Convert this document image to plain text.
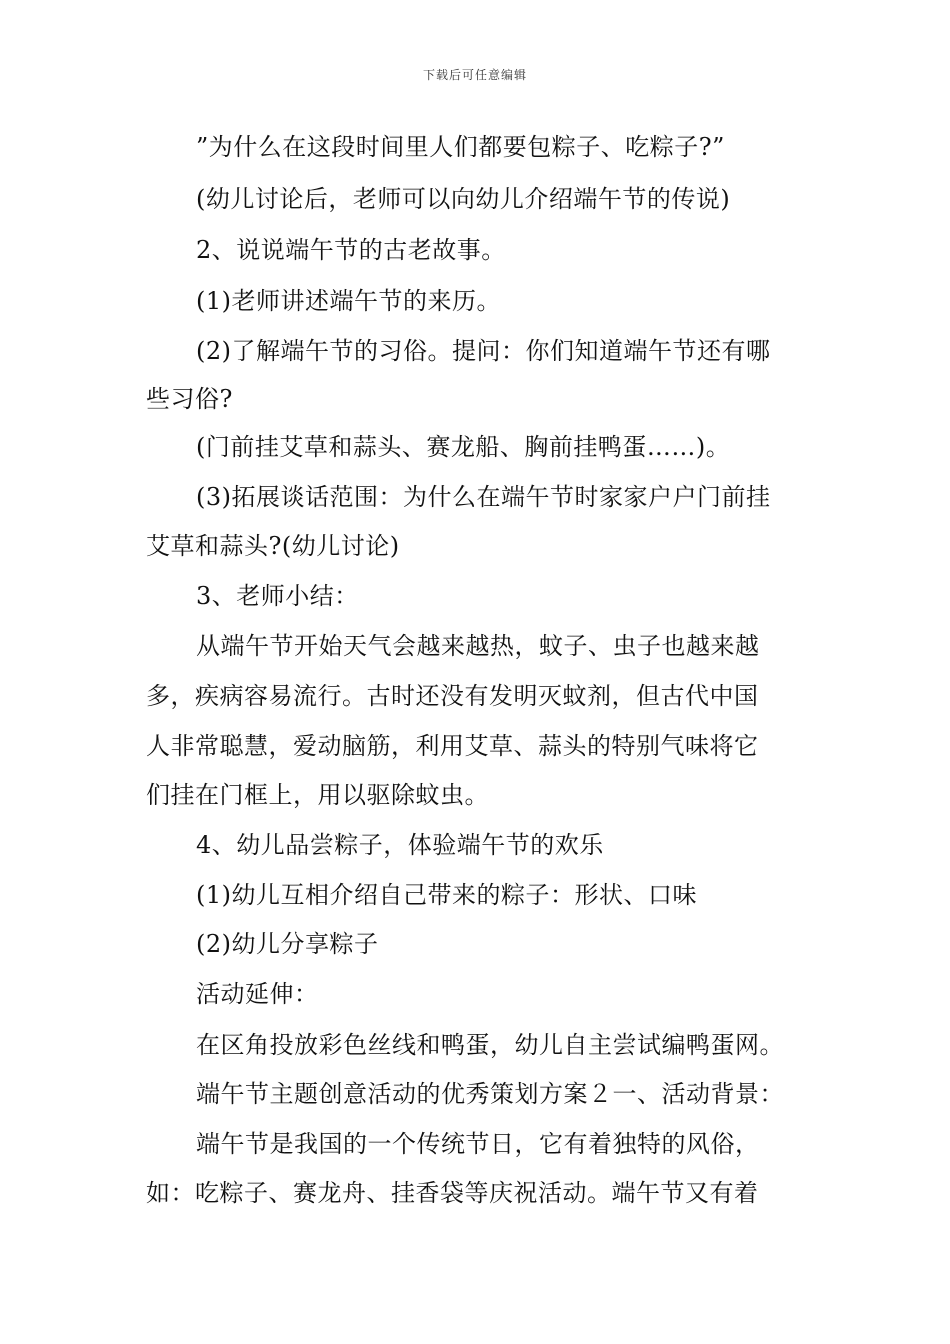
下载后可任意编辑
”为什么在这段时间里人们都要包粽子、吃粽子?”
(幼儿讨论后，老师可以向幼儿介绍端午节的传说)
2、说说端午节的古老故事。
(1)老师讲述端午节的来历。
(2)了解端午节的习俗。提问：你们知道端午节还有哪
些习俗?
(门前挂艾草和蒜头、赛龙船、胸前挂鸭蛋……)。
(3)拓展谈话范围：为什么在端午节时家家户户门前挂
艾草和蒜头?(幼儿讨论)
3、老师小结：
从端午节开始天气会越来越热，蚊子、虫子也越来越
多，疾病容易流行。古时还没有发明灭蚊剂，但古代中国
人非常聪慧，爱动脑筋，利用艾草、蒜头的特别气味将它
们挂在门框上，用以驱除蚊虫。
4、幼儿品尝粽子，体验端午节的欢乐
(1)幼儿互相介绍自己带来的粽子：形状、口味
(2)幼儿分享粽子
活动延伸：
在区角投放彩色丝线和鸭蛋，幼儿自主尝试编鸭蛋网。
端午节主题创意活动的优秀策划方案２一、活动背景：
端午节是我国的一个传统节日，它有着独特的风俗，
如：吃粽子、赛龙舟、挂香袋等庆祝活动。端午节又有着
